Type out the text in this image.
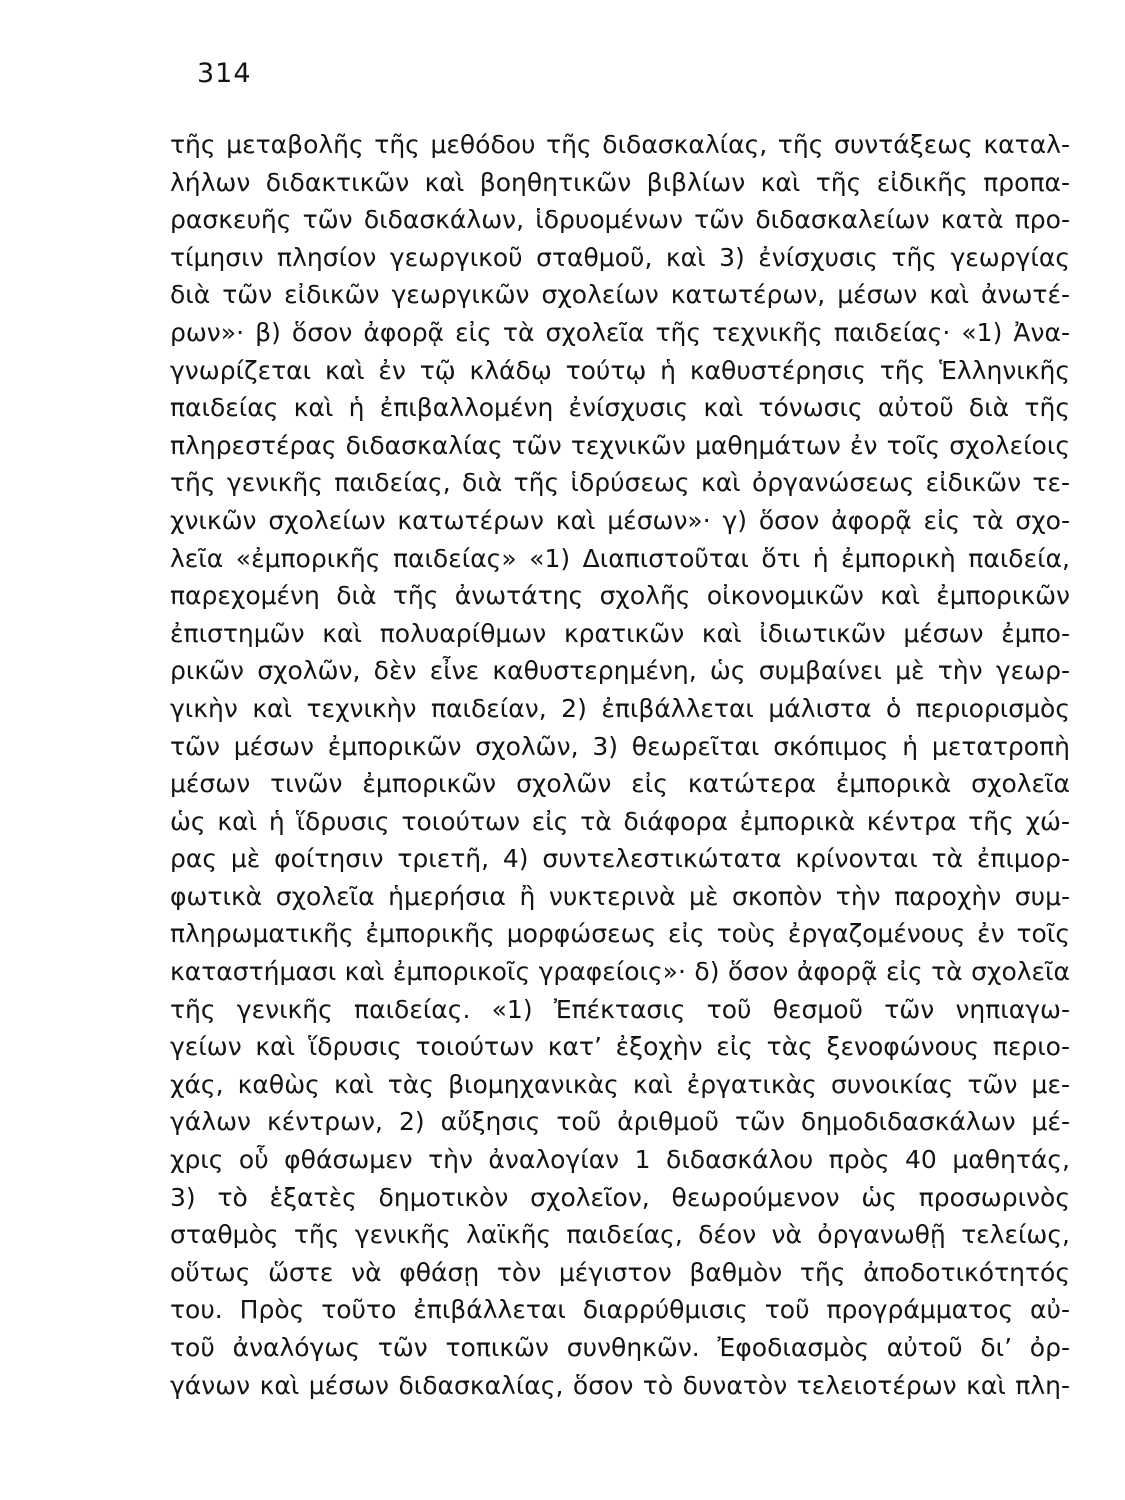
314
τῆς μεταβολῆς τῆς μεθόδου τῆς διδασκαλίας, τῆς συντάξεως καταλ-
λήλων διδακτικῶν καὶ βοηθητικῶν βιβλίων καὶ τῆς εἰδικῆς προπα-
ρασκευῆς τῶν διδασκάλων, ἱδρυομένων τῶν διδασκαλείων κατὰ προ-
τίμησιν πλησίον γεωργικοῦ σταθμοῦ, καὶ 3) ἐνίσχυσις τῆς γεωργίας
διὰ τῶν εἰδικῶν γεωργικῶν σχολείων κατωτέρων, μέσων καὶ ἀνωτέ-
ρων»· β) ὅσον ἀφορᾷ εἰς τὰ σχολεῖα τῆς τεχνικῆς παιδείας· «1) Ἀνα-
γνωρίζεται καὶ ἐν τῷ κλάδῳ τούτῳ ἡ καθυστέρησις τῆς Ἑλληνικῆς
παιδείας καὶ ἡ ἐπιβαλλομένη ἐνίσχυσις καὶ τόνωσις αὐτοῦ διὰ τῆς
πληρεστέρας διδασκαλίας τῶν τεχνικῶν μαθημάτων ἐν τοῖς σχολείοις
τῆς γενικῆς παιδείας, διὰ τῆς ἱδρύσεως καὶ ὀργανώσεως εἰδικῶν τε-
χνικῶν σχολείων κατωτέρων καὶ μέσων»· γ) ὅσον ἀφορᾷ εἰς τὰ σχο-
λεῖα «ἐμπορικῆς παιδείας» «1) Διαπιστοῦται ὅτι ἡ ἐμπορικὴ παιδεία,
παρεχομένη διὰ τῆς ἀνωτάτης σχολῆς οἰκονομικῶν καὶ ἐμπορικῶν
ἐπιστημῶν καὶ πολυαρίθμων κρατικῶν καὶ ἰδιωτικῶν μέσων ἐμπο-
ρικῶν σχολῶν, δὲν εἶνε καθυστερημένη, ὡς συμβαίνει μὲ τὴν γεωρ-
γικὴν καὶ τεχνικὴν παιδείαν, 2) ἐπιβάλλεται μάλιστα ὁ περιορισμὸς
τῶν μέσων ἐμπορικῶν σχολῶν, 3) θεωρεῖται σκόπιμος ἡ μετατροπὴ
μέσων τινῶν ἐμπορικῶν σχολῶν εἰς κατώτερα ἐμπορικὰ σχολεῖα
ὡς καὶ ἡ ἵδρυσις τοιούτων εἰς τὰ διάφορα ἐμπορικὰ κέντρα τῆς χώ-
ρας μὲ φοίτησιν τριετῆ, 4) συντελεστικώτατα κρίνονται τὰ ἐπιμορ-
φωτικὰ σχολεῖα ἡμερήσια ἢ νυκτερινὰ μὲ σκοπὸν τὴν παροχὴν συμ-
πληρωματικῆς ἐμπορικῆς μορφώσεως εἰς τοὺς ἐργαζομένους ἐν τοῖς
καταστήμασι καὶ ἐμπορικοῖς γραφείοις»· δ) ὅσον ἀφορᾷ εἰς τὰ σχολεῖα
τῆς γενικῆς παιδείας. «1) Ἐπέκτασις τοῦ θεσμοῦ τῶν νηπιαγω-
γείων καὶ ἵδρυσις τοιούτων κατ’ ἐξοχὴν εἰς τὰς ξενοφώνους περιο-
χάς, καθὼς καὶ τὰς βιομηχανικὰς καὶ ἐργατικὰς συνοικίας τῶν με-
γάλων κέντρων, 2) αὔξησις τοῦ ἀριθμοῦ τῶν δημοδιδασκάλων μέ-
χρις οὗ φθάσωμεν τὴν ἀναλογίαν 1 διδασκάλου πρὸς 40 μαθητάς,
3) τὸ ἑξατὲς δημοτικὸν σχολεῖον, θεωρούμενον ὡς προσωρινὸς
σταθμὸς τῆς γενικῆς λαϊκῆς παιδείας, δέον νὰ ὀργανωθῇ τελείως,
οὕτως ὥστε νὰ φθάσῃ τὸν μέγιστον βαθμὸν τῆς ἀποδοτικότητός
του. Πρὸς τοῦτο ἐπιβάλλεται διαρρύθμισις τοῦ προγράμματος αὐ-
τοῦ ἀναλόγως τῶν τοπικῶν συνθηκῶν. Ἐφοδιασμὸς αὐτοῦ δι’ ὀρ-
γάνων καὶ μέσων διδασκαλίας, ὅσον τὸ δυνατὸν τελειοτέρων καὶ πλη-
